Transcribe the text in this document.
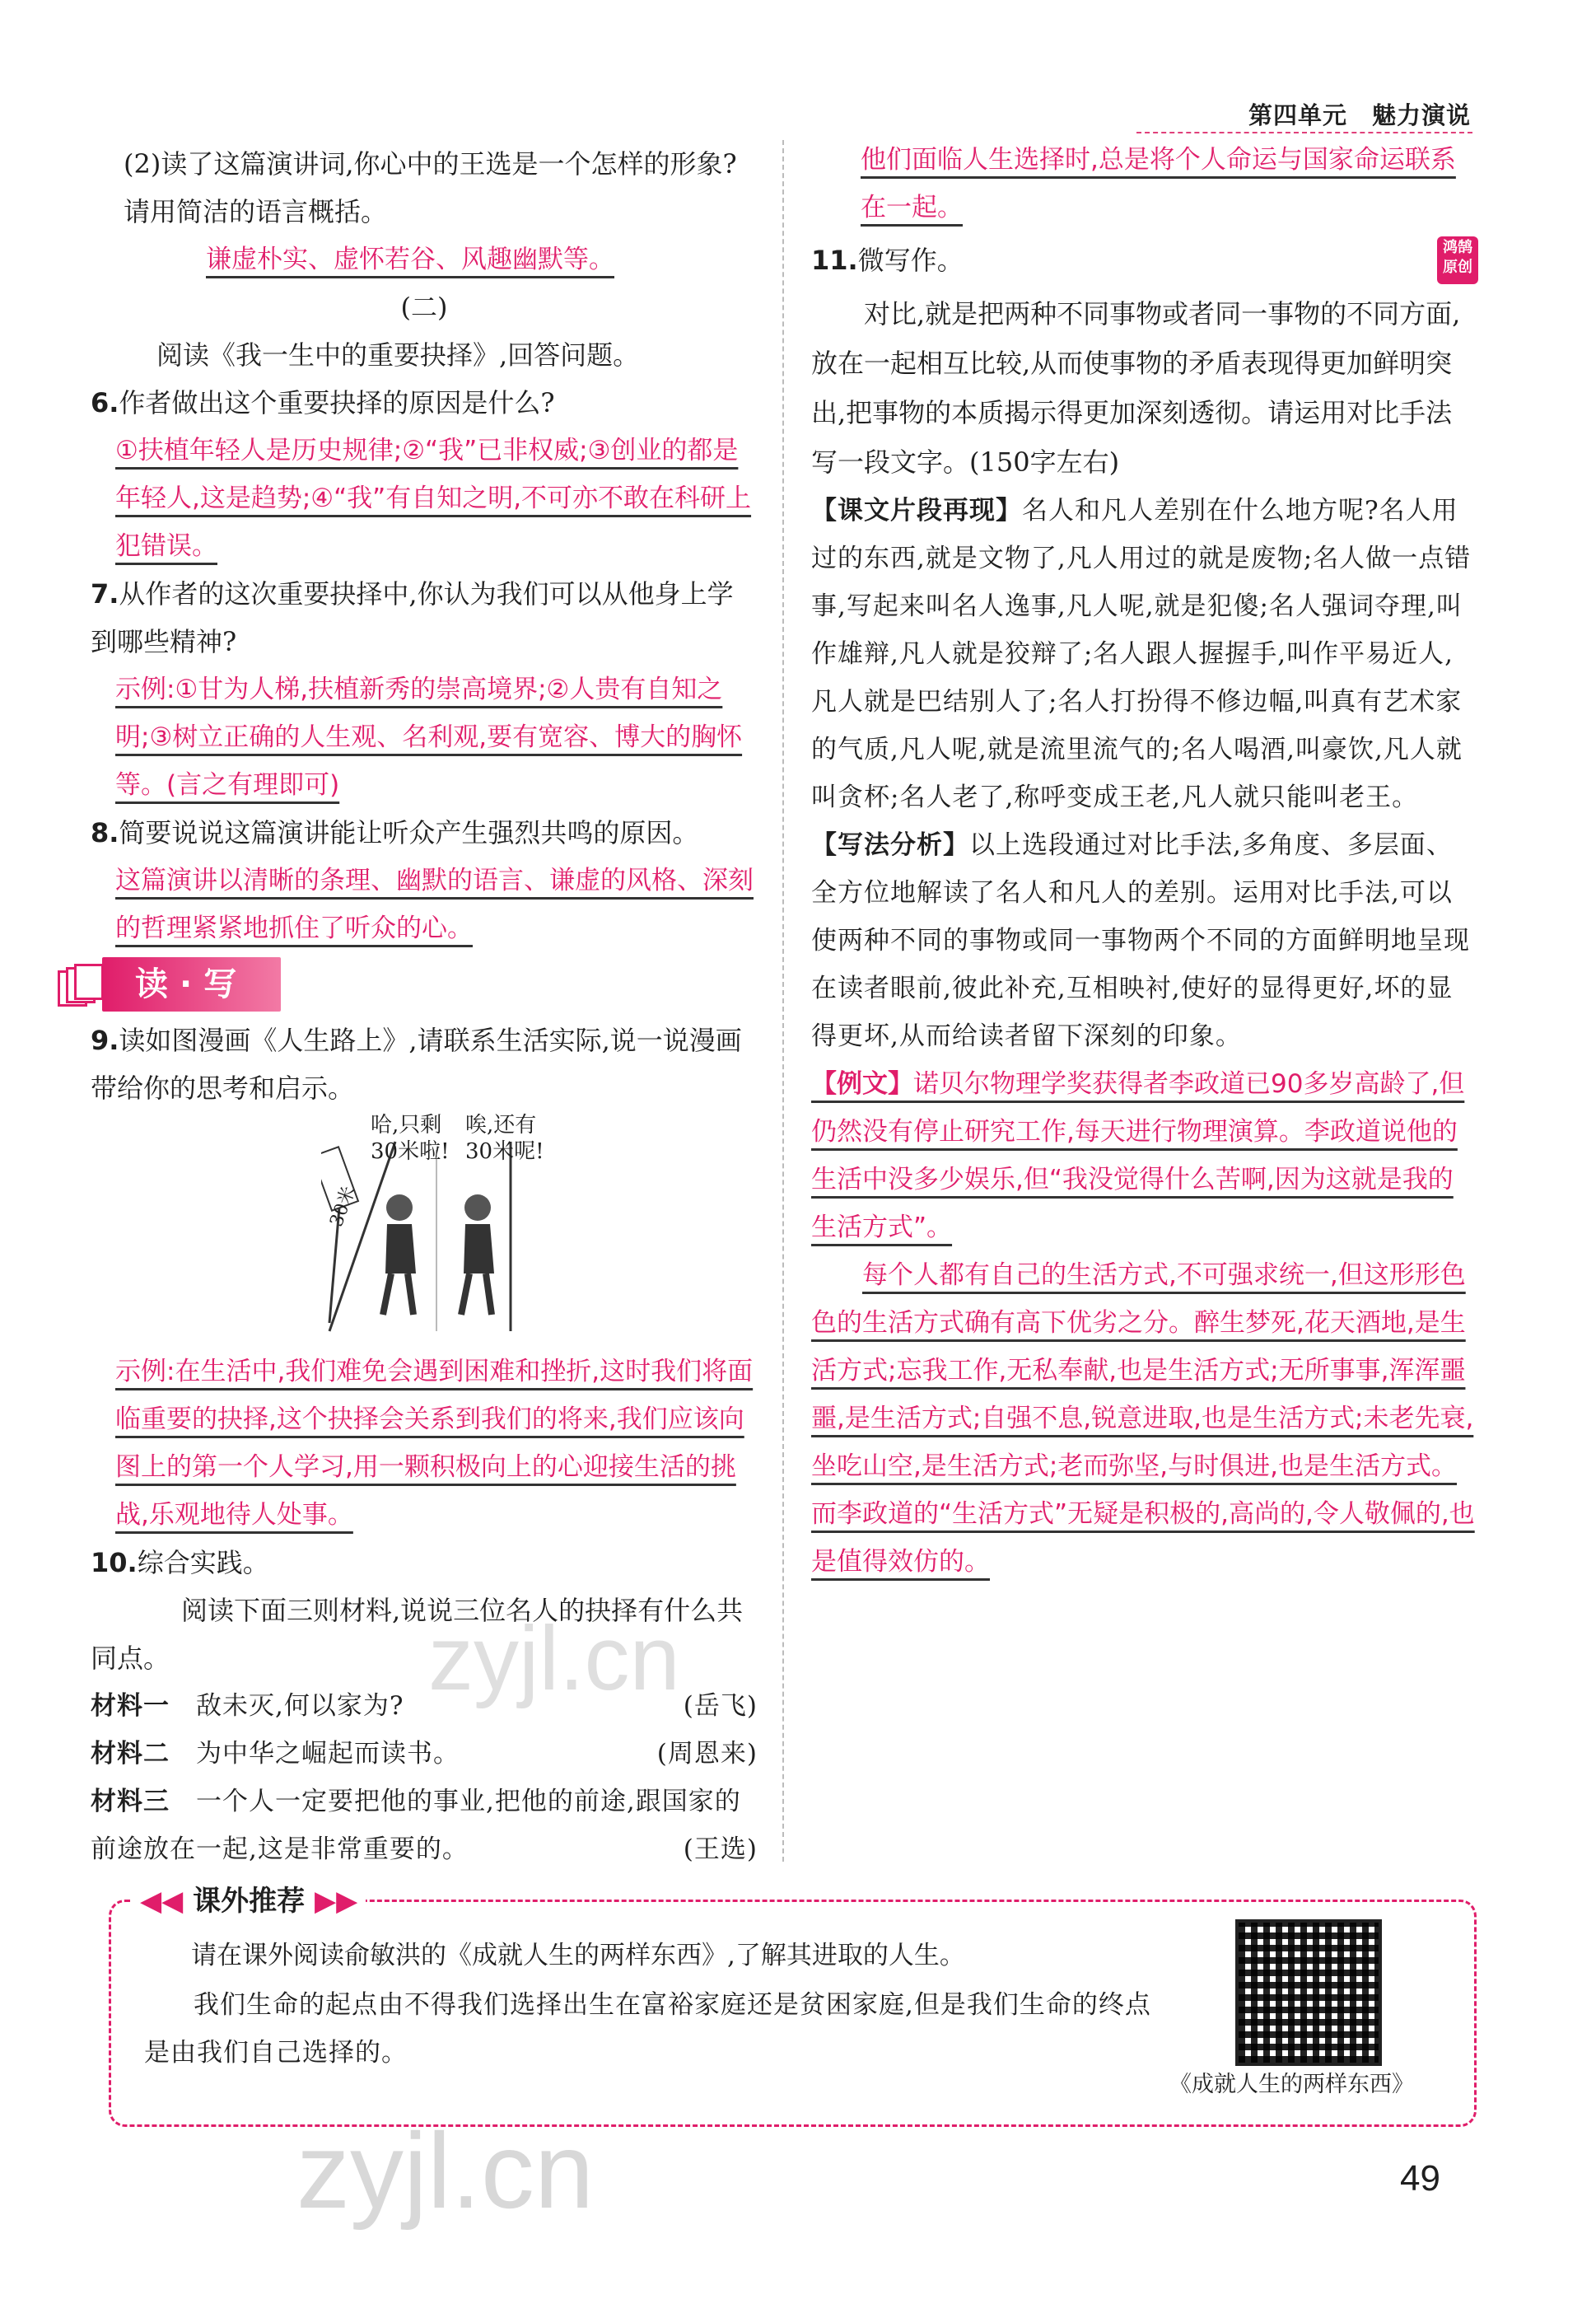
第四单元　魅力演说

(2)读了这篇演讲词,你心中的王选是一个怎样的形象?请用简洁的语言概括。

谦虚朴实、虚怀若谷、风趣幽默等。

(二)

阅读《我一生中的重要抉择》,回答问题。

6.作者做出这个重要抉择的原因是什么?

①扶植年轻人是历史规律;②“我”已非权威;③创业的都是年轻人,这是趋势;④“我”有自知之明,不可亦不敢在科研上犯错误。

7.从作者的这次重要抉择中,你认为我们可以从他身上学到哪些精神?

示例:①甘为人梯,扶植新秀的崇高境界;②人贵有自知之明;③树立正确的人生观、名利观,要有宽容、博大的胸怀等。(言之有理即可)

8.简要说说这篇演讲能让听众产生强烈共鸣的原因。

这篇演讲以清晰的条理、幽默的语言、谦虚的风格、深刻的哲理紧紧地抓住了听众的心。

读·写

9.读如图漫画《人生路上》,请联系生活实际,说一说漫画带给你的思考和启示。

30米
哈,只剩30米啦!
唉,还有30米呢!

示例:在生活中,我们难免会遇到困难和挫折,这时我们将面临重要的抉择,这个抉择会关系到我们的将来,我们应该向图上的第一个人学习,用一颗积极向上的心迎接生活的挑战,乐观地待人处事。

10.综合实践。

阅读下面三则材料,说说三位名人的抉择有什么共同点。

材料一　 敌未灭,何以家为?	(岳飞)
材料二　 为中华之崛起而读书。	(周恩来)
材料三　 一个人一定要把他的事业,把他的前途,跟国家的前途放在一起,这是非常重要的。	(王选)

他们面临人生选择时,总是将个人命运与国家命运联系在一起。

11.微写作。	鸿鹄原创

对比,就是把两种不同事物或者同一事物的不同方面,放在一起相互比较,从而使事物的矛盾表现得更加鲜明突出,把事物的本质揭示得更加深刻透彻。请运用对比手法写一段文字。(150字左右)

【课文片段再现】名人和凡人差别在什么地方呢?名人用过的东西,就是文物了,凡人用过的就是废物;名人做一点错事,写起来叫名人逸事,凡人呢,就是犯傻;名人强词夺理,叫作雄辩,凡人就是狡辩了;名人跟人握握手,叫作平易近人,凡人就是巴结别人了;名人打扮得不修边幅,叫真有艺术家的气质,凡人呢,就是流里流气的;名人喝酒,叫豪饮,凡人就叫贪杯;名人老了,称呼变成王老,凡人就只能叫老王。

【写法分析】以上选段通过对比手法,多角度、多层面、全方位地解读了名人和凡人的差别。运用对比手法,可以使两种不同的事物或同一事物两个不同的方面鲜明地呈现在读者眼前,彼此补充,互相映衬,使好的显得更好,坏的显得更坏,从而给读者留下深刻的印象。

【例文】诺贝尔物理学奖获得者李政道已90多岁高龄了,但仍然没有停止研究工作,每天进行物理演算。李政道说他的生活中没多少娱乐,但“我没觉得什么苦啊,因为这就是我的生活方式”。

每个人都有自己的生活方式,不可强求统一,但这形形色色的生活方式确有高下优劣之分。醉生梦死,花天酒地,是生活方式;忘我工作,无私奉献,也是生活方式;无所事事,浑浑噩噩,是生活方式;自强不息,锐意进取,也是生活方式;未老先衰,坐吃山空,是生活方式;老而弥坚,与时俱进,也是生活方式。而李政道的“生活方式”无疑是积极的,高尚的,令人敬佩的,也是值得效仿的。

◀◀ 课外推荐 ▶▶
请在课外阅读俞敏洪的《成就人生的两样东西》,了解其进取的人生。
我们生命的起点由不得我们选择出生在富裕家庭还是贫困家庭,但是我们生命的终点是由我们自己选择的。
《成就人生的两样东西》
49
zyjl.cn
zyjl.cn
